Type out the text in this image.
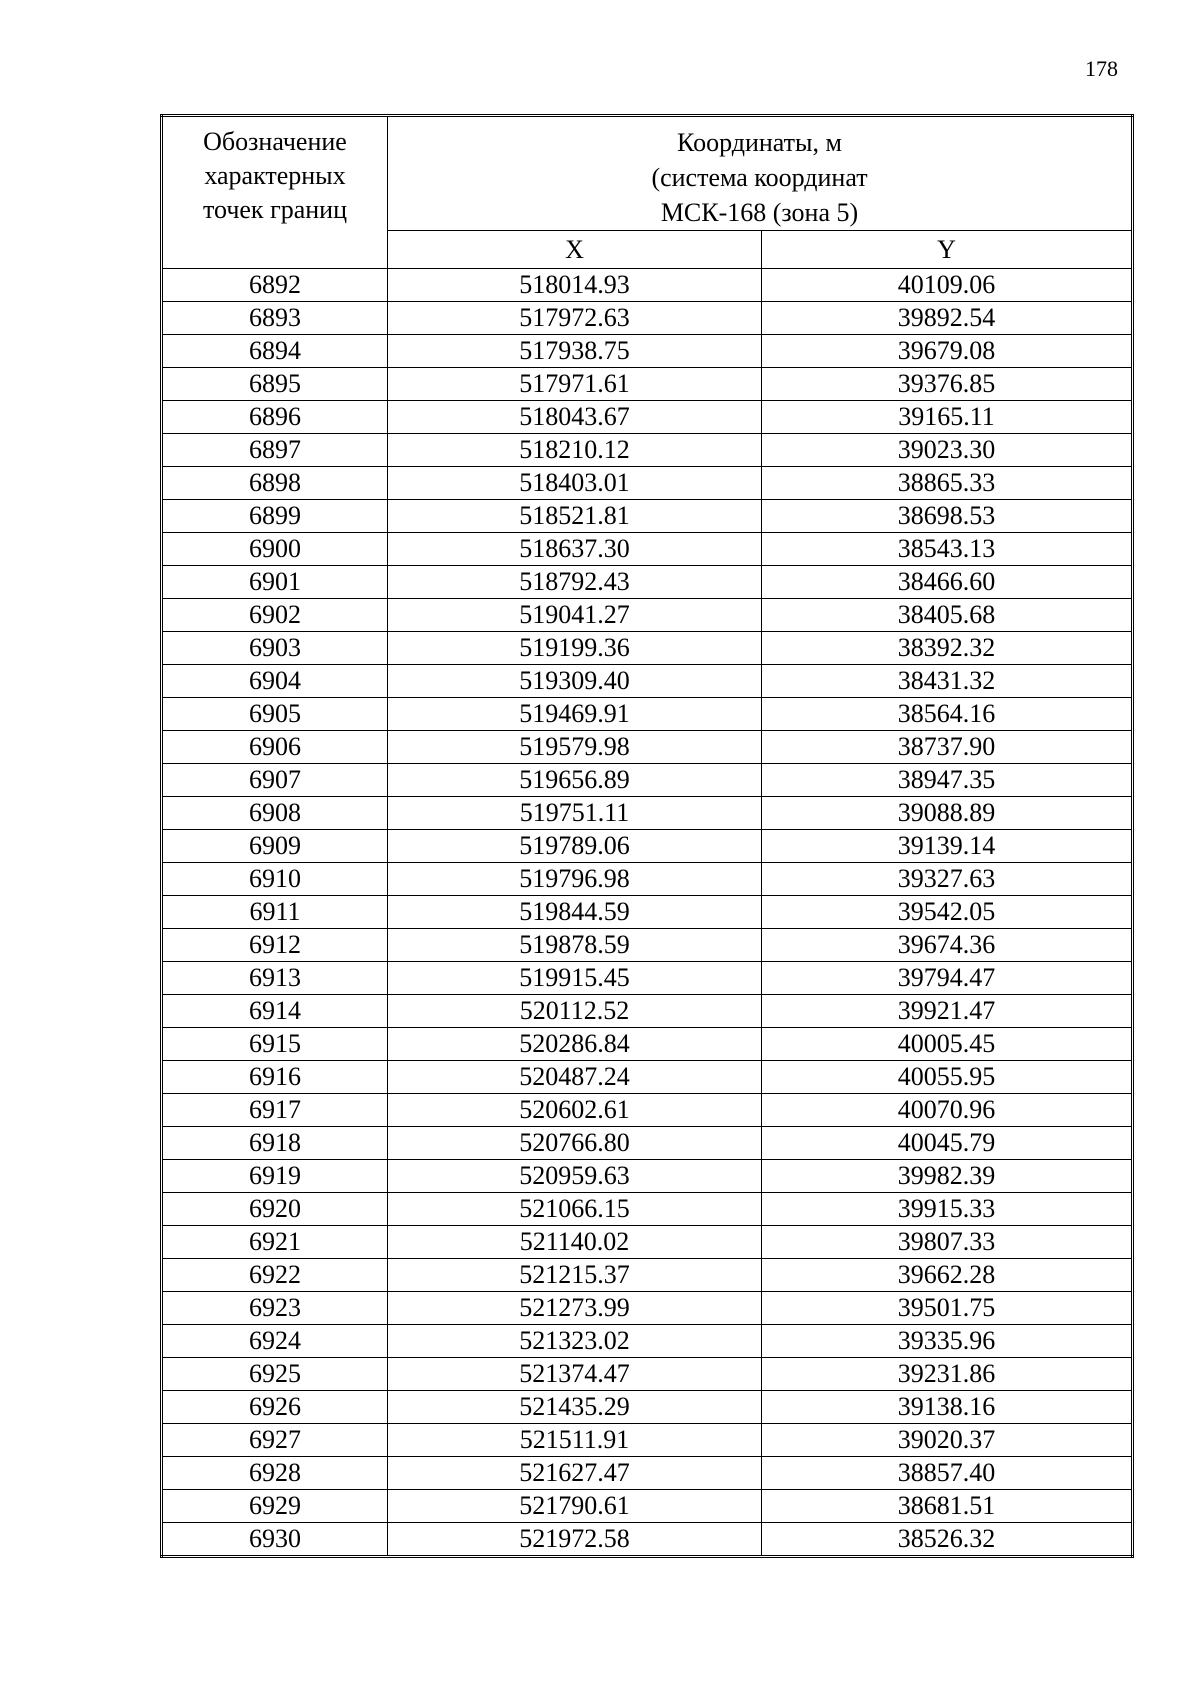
178
Обозначение
характерных
точек границ	Координаты, м
(система координат
МСК-168 (зона 5)	

	X	Y
6892	518014.93	40109.06
6893	517972.63	39892.54
6894	517938.75	39679.08
6895	517971.61	39376.85
6896	518043.67	39165.11
6897	518210.12	39023.30
6898	518403.01	38865.33
6899	518521.81	38698.53
6900	518637.30	38543.13
6901	518792.43	38466.60
6902	519041.27	38405.68
6903	519199.36	38392.32
6904	519309.40	38431.32
6905	519469.91	38564.16
6906	519579.98	38737.90
6907	519656.89	38947.35
6908	519751.11	39088.89
6909	519789.06	39139.14
6910	519796.98	39327.63
6911	519844.59	39542.05
6912	519878.59	39674.36
6913	519915.45	39794.47
6914	520112.52	39921.47
6915	520286.84	40005.45
6916	520487.24	40055.95
6917	520602.61	40070.96
6918	520766.80	40045.79
6919	520959.63	39982.39
6920	521066.15	39915.33
6921	521140.02	39807.33
6922	521215.37	39662.28
6923	521273.99	39501.75
6924	521323.02	39335.96
6925	521374.47	39231.86
6926	521435.29	39138.16
6927	521511.91	39020.37
6928	521627.47	38857.40
6929	521790.61	38681.51
6930	521972.58	38526.32
